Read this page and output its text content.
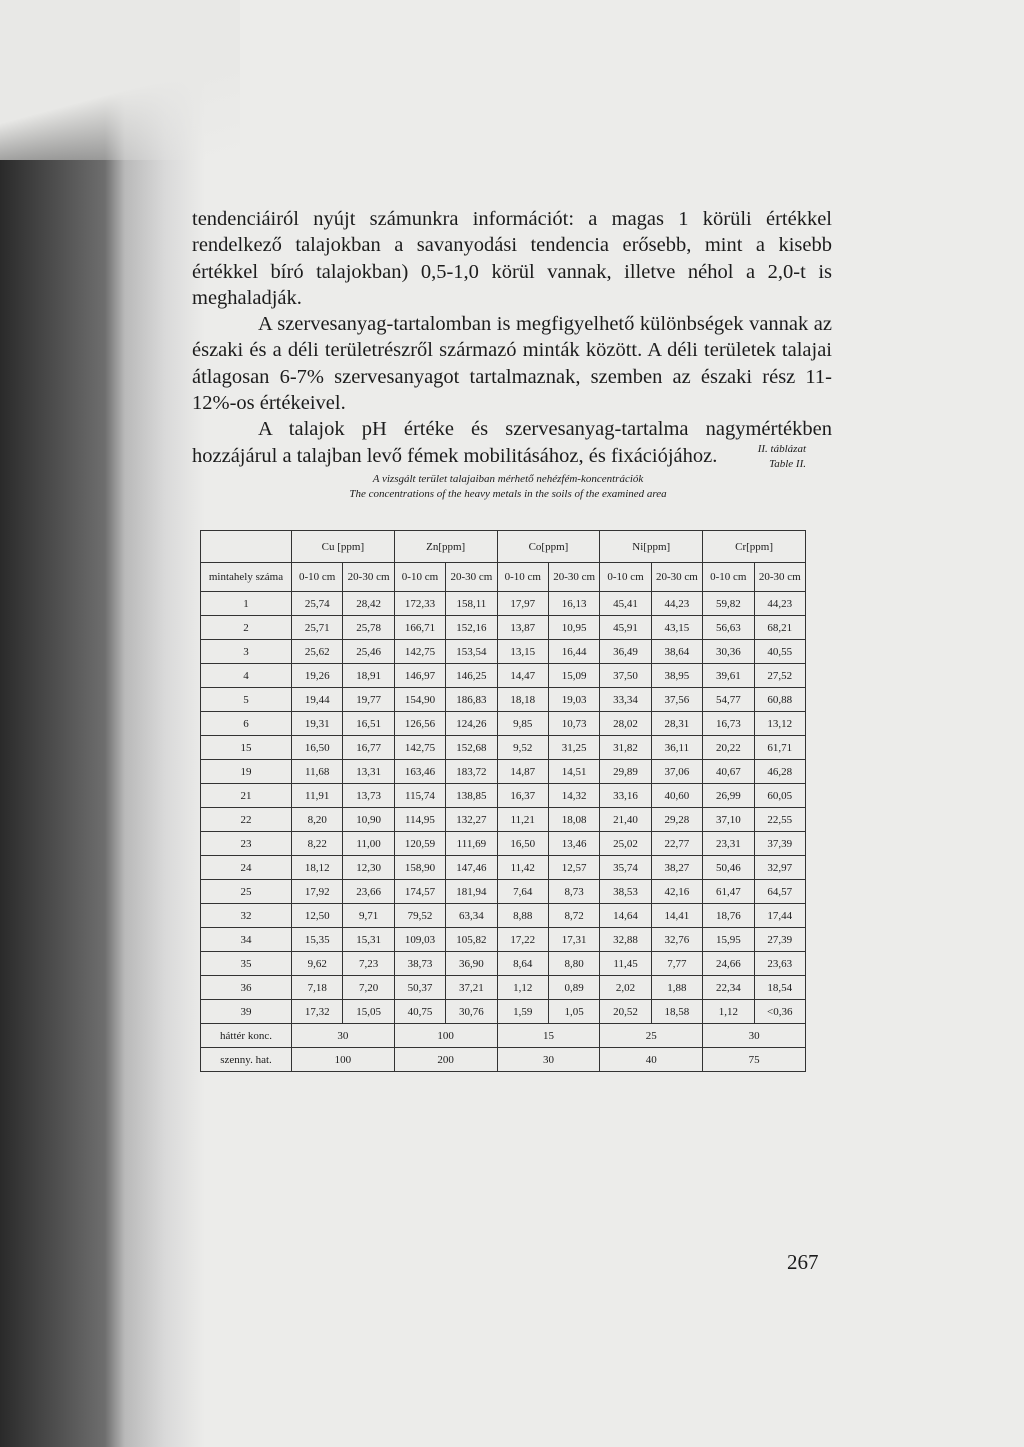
tendenciáiról nyújt számunkra információt: a magas 1 körüli értékkel rendelkező talajokban a savanyodási tendencia erősebb, mint a kisebb értékkel bíró talajokban) 0,5-1,0 körül vannak, illetve néhol a 2,0-t is meghaladják.

A szervesanyag-tartalomban is megfigyelhető különbségek vannak az északi és a déli területrészről származó minták között. A déli területek talajai átlagosan 6-7% szervesanyagot tartalmaznak, szemben az északi rész 11-12%-os értékeivel.

A talajok pH értéke és szervesanyag-tartalma nagymértékben hozzájárul a talajban levő fémek mobilitásához, és fixációjához.	II. táblázat
Table II.
A vizsgált terület talajaiban mérhető nehézfém-koncentrációk
The concentrations of the heavy metals in the soils of the examined area
	Cu [ppm]		Zn[ppm]		Co[ppm]		Ni[ppm]		Cr[ppm]	
mintahely száma	0-10 cm	20-30 cm	0-10 cm	20-30 cm	0-10 cm	20-30 cm	0-10 cm	20-30 cm	0-10 cm	20-30 cm
1	25,74	28,42	172,33	158,11	17,97	16,13	45,41	44,23	59,82	44,23
2	25,71	25,78	166,71	152,16	13,87	10,95	45,91	43,15	56,63	68,21
3	25,62	25,46	142,75	153,54	13,15	16,44	36,49	38,64	30,36	40,55
4	19,26	18,91	146,97	146,25	14,47	15,09	37,50	38,95	39,61	27,52
5	19,44	19,77	154,90	186,83	18,18	19,03	33,34	37,56	54,77	60,88
6	19,31	16,51	126,56	124,26	9,85	10,73	28,02	28,31	16,73	13,12
15	16,50	16,77	142,75	152,68	9,52	31,25	31,82	36,11	20,22	61,71
19	11,68	13,31	163,46	183,72	14,87	14,51	29,89	37,06	40,67	46,28
21	11,91	13,73	115,74	138,85	16,37	14,32	33,16	40,60	26,99	60,05
22	8,20	10,90	114,95	132,27	11,21	18,08	21,40	29,28	37,10	22,55
23	8,22	11,00	120,59	111,69	16,50	13,46	25,02	22,77	23,31	37,39
24	18,12	12,30	158,90	147,46	11,42	12,57	35,74	38,27	50,46	32,97
25	17,92	23,66	174,57	181,94	7,64	8,73	38,53	42,16	61,47	64,57
32	12,50	9,71	79,52	63,34	8,88	8,72	14,64	14,41	18,76	17,44
34	15,35	15,31	109,03	105,82	17,22	17,31	32,88	32,76	15,95	27,39
35	9,62	7,23	38,73	36,90	8,64	8,80	11,45	7,77	24,66	23,63
36	7,18	7,20	50,37	37,21	1,12	0,89	2,02	1,88	22,34	18,54
39	17,32	15,05	40,75	30,76	1,59	1,05	20,52	18,58	1,12	<0,36
háttér konc.	30		100		15		25		30	
szenny. hat.	100		200		30		40		75	
267
